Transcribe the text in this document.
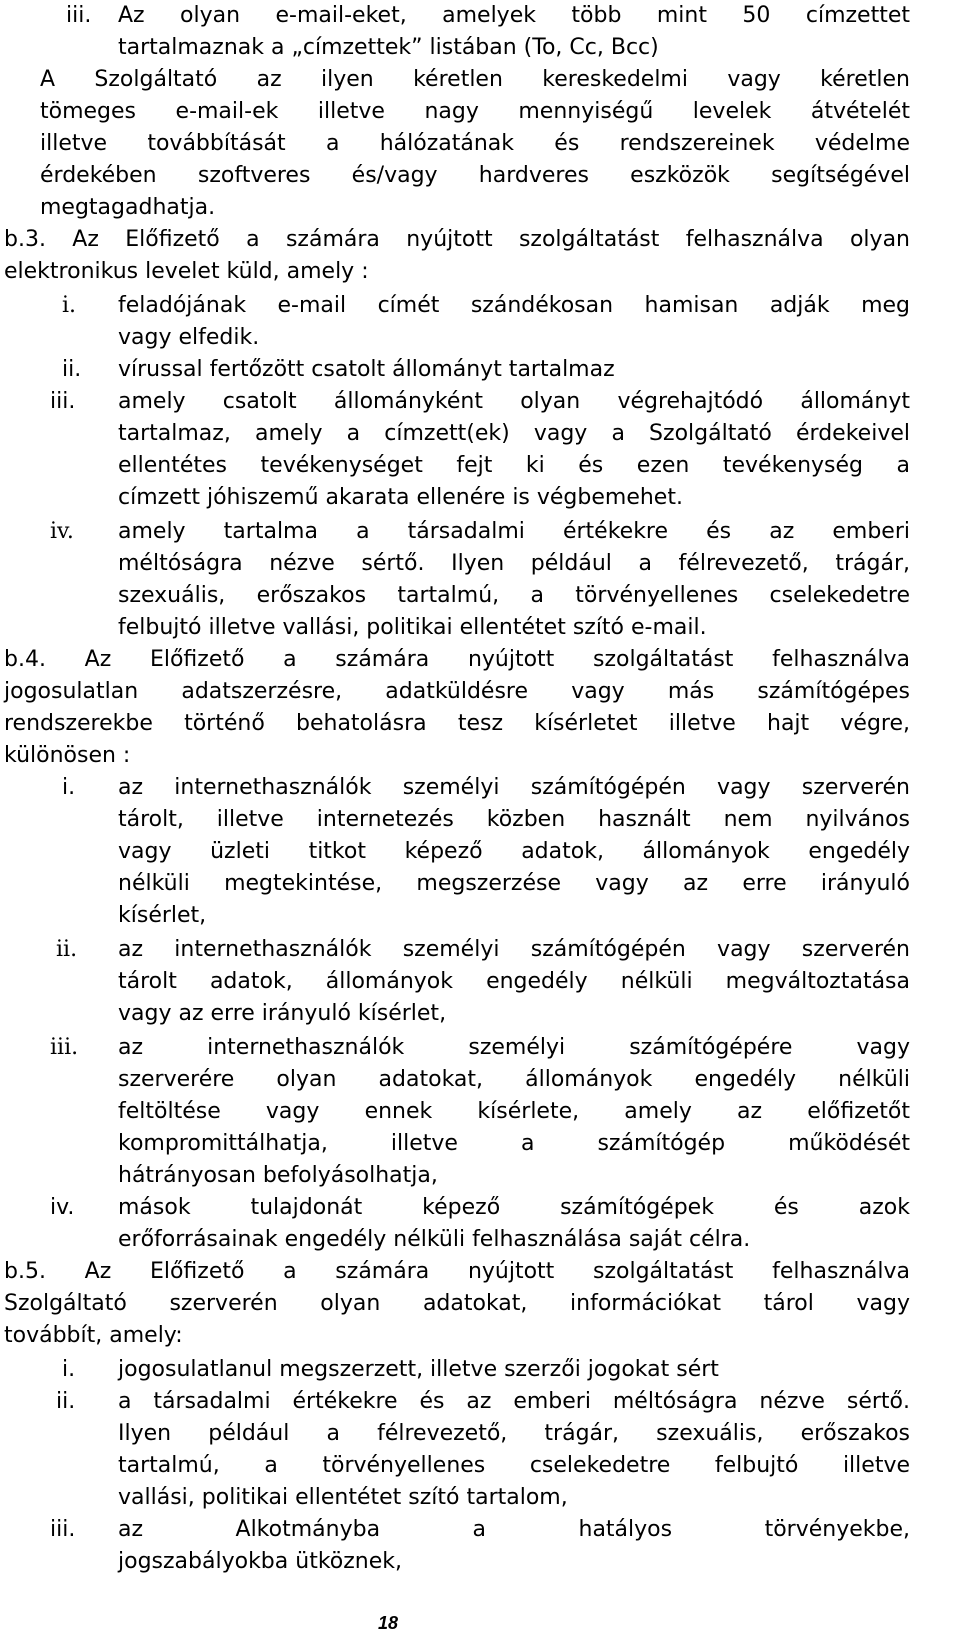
iii. Az olyan e-mail-eket, amelyek több mint 50 címzettet
tartalmaznak a „címzettek” listában (To, Cc, Bcc)
A Szolgáltató az ilyen kéretlen kereskedelmi vagy kéretlen
tömeges e-mail-ek illetve nagy mennyiségű levelek átvételét
illetve továbbítását a hálózatának és rendszereinek védelme
érdekében szoftveres és/vagy hardveres eszközök segítségével
megtagadhatja.
b.3. Az Előfizető a számára nyújtott szolgáltatást felhasználva olyan
elektronikus levelet küld, amely :
i. feladójának e-mail címét szándékosan hamisan adják meg
vagy elfedik.
ii. vírussal fertőzött csatolt állományt tartalmaz
iii. amely csatolt állományként olyan végrehajtódó állományt
tartalmaz, amely a címzett(ek) vagy a Szolgáltató érdekeivel
ellentétes tevékenységet fejt ki és ezen tevékenység a
címzett jóhiszemű akarata ellenére is végbemehet.
iv. amely tartalma a társadalmi értékekre és az emberi
méltóságra nézve sértő. Ilyen például a félrevezető, trágár,
szexuális, erőszakos tartalmú, a törvényellenes cselekedetre
felbujtó illetve vallási, politikai ellentétet szító e-mail.
b.4. Az Előfizető a számára nyújtott szolgáltatást felhasználva
jogosulatlan adatszerzésre, adatküldésre vagy más számítógépes
rendszerekbe történő behatolásra tesz kísérletet illetve hajt végre,
különösen :
i. az internethasználók személyi számítógépén vagy szerverén
tárolt, illetve internetezés közben használt nem nyilvános
vagy üzleti titkot képező adatok, állományok engedély
nélküli megtekintése, megszerzése vagy az erre irányuló
kísérlet,
ii. az internethasználók személyi számítógépén vagy szerverén
tárolt adatok, állományok engedély nélküli megváltoztatása
vagy az erre irányuló kísérlet,
iii. az internethasználók személyi számítógépére vagy
szerverére olyan adatokat, állományok engedély nélküli
feltöltése vagy ennek kísérlete, amely az előfizetőt
kompromittálhatja, illetve a számítógép működését
hátrányosan befolyásolhatja,
iv. mások tulajdonát képező számítógépek és azok
erőforrásainak engedély nélküli felhasználása saját célra.
b.5. Az Előfizető a számára nyújtott szolgáltatást felhasználva
Szolgáltató szerverén olyan adatokat, információkat tárol vagy
továbbít, amely:
i. jogosulatlanul megszerzett, illetve szerzői jogokat sért
ii. a társadalmi értékekre és az emberi méltóságra nézve sértő.
Ilyen például a félrevezető, trágár, szexuális, erőszakos
tartalmú, a törvényellenes cselekedetre felbujtó illetve
vallási, politikai ellentétet szító tartalom,
iii. az Alkotmányba a hatályos törvényekbe,
jogszabályokba ütköznek,
18
